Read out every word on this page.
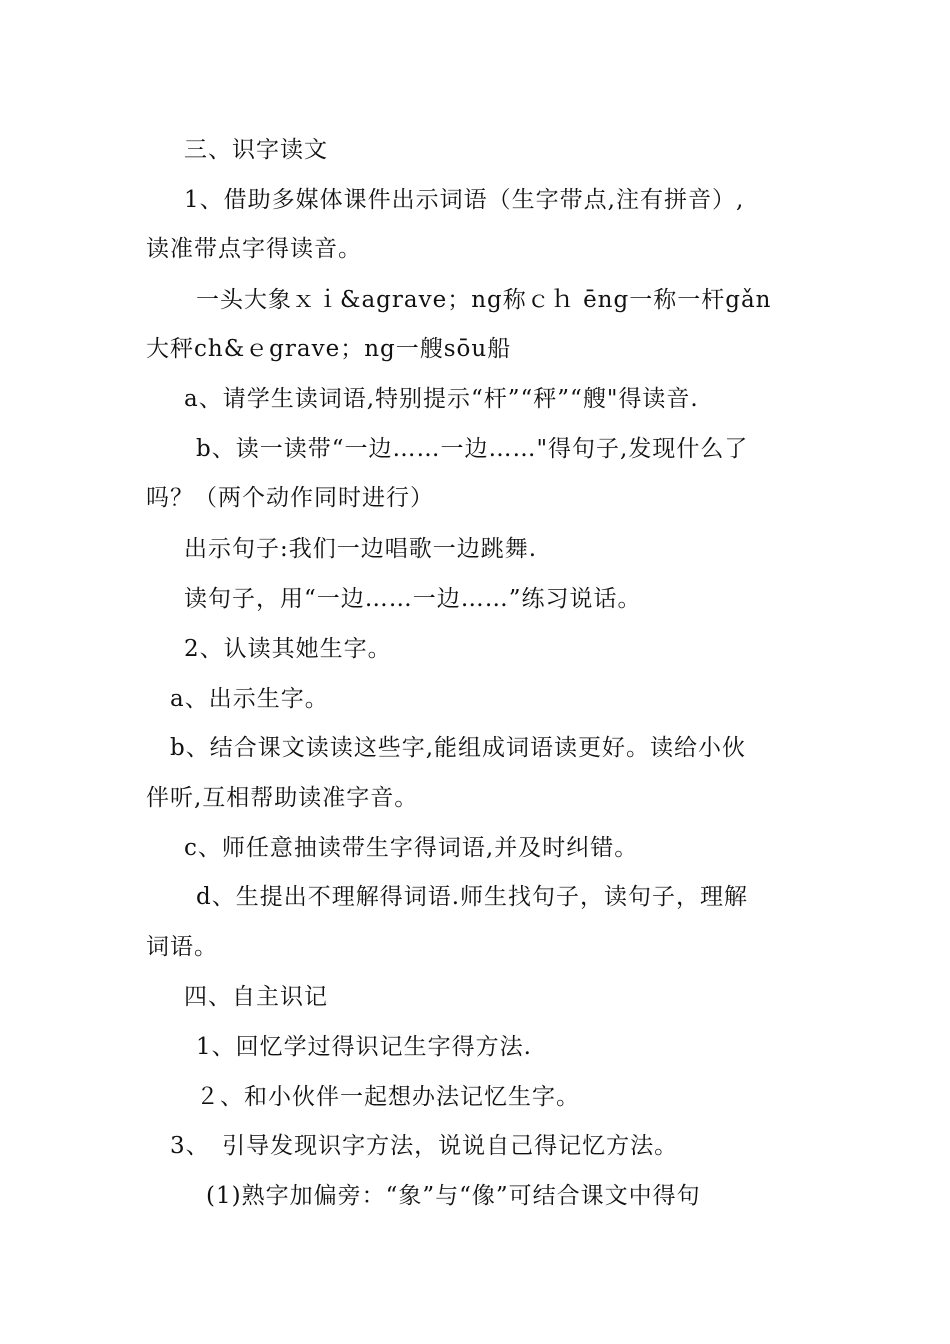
三、识字读文
1、借助多媒体课件出示词语（生字带点,注有拼音）,
读准带点字得读音。
一头大象ｘｉ&agrave；ng称ｃｈ ēng一称一杆gǎn
大秤ch&ｅgrave；ng一艘sōu船
a、请学生读词语,特别提示“杆”“秤”“艘"得读音.
b、读一读带“一边……一边……"得句子,发现什么了
吗？（两个动作同时进行）
出示句子:我们一边唱歌一边跳舞.
读句子，用“一边……一边……”练习说话。
2、认读其她生字。
a、出示生字。
b、结合课文读读这些字,能组成词语读更好。读给小伙
伴听,互相帮助读准字音。
c、师任意抽读带生字得词语,并及时纠错。
d、生提出不理解得词语.师生找句子，读句子，理解
词语。
四、自主识记
1、回忆学过得识记生字得方法.
２、和小伙伴一起想办法记忆生字。
3、　引导发现识字方法，说说自己得记忆方法。
(1)熟字加偏旁：“象”与“像”可结合课文中得句
